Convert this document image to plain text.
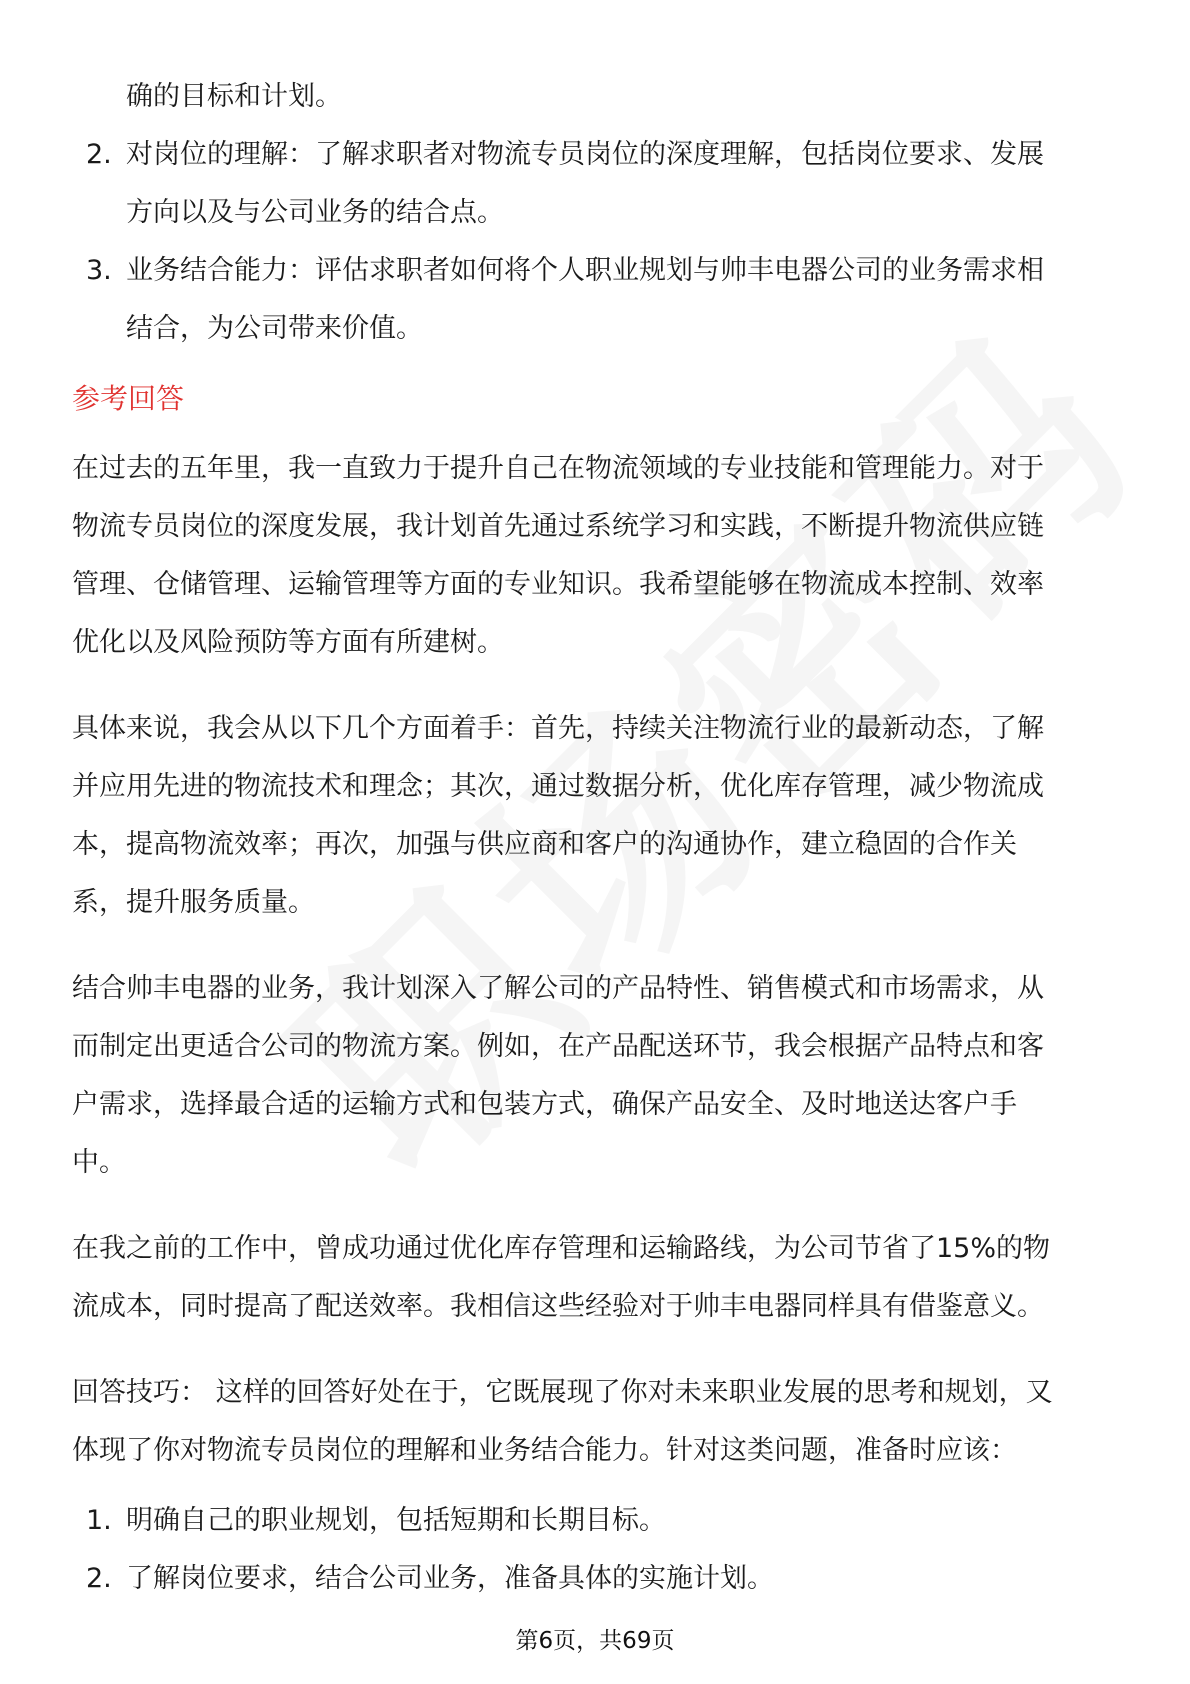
确的目标和计划。

2. 对岗位的理解：了解求职者对物流专员岗位的深度理解，包括岗位要求、发展

方向以及与公司业务的结合点。

3. 业务结合能力：评估求职者如何将个人职业规划与帅丰电器公司的业务需求相

结合，为公司带来价值。

参考回答

在过去的五年里，我一直致力于提升自己在物流领域的专业技能和管理能力。对于

物流专员岗位的深度发展，我计划首先通过系统学习和实践，不断提升物流供应链

管理、仓储管理、运输管理等方面的专业知识。我希望能够在物流成本控制、效率

优化以及风险预防等方面有所建树。

具体来说，我会从以下几个方面着手：首先，持续关注物流行业的最新动态，了解

并应用先进的物流技术和理念；其次，通过数据分析，优化库存管理，减少物流成

本，提高物流效率；再次，加强与供应商和客户的沟通协作，建立稳固的合作关

系，提升服务质量。

结合帅丰电器的业务，我计划深入了解公司的产品特性、销售模式和市场需求，从

而制定出更适合公司的物流方案。例如，在产品配送环节，我会根据产品特点和客

户需求，选择最合适的运输方式和包装方式，确保产品安全、及时地送达客户手

中。

在我之前的工作中，曾成功通过优化库存管理和运输路线，为公司节省了15%的物

流成本，同时提高了配送效率。我相信这些经验对于帅丰电器同样具有借鉴意义。

回答技巧： 这样的回答好处在于，它既展现了你对未来职业发展的思考和规划，又

体现了你对物流专员岗位的理解和业务结合能力。针对这类问题，准备时应该：

1. 明确自己的职业规划，包括短期和长期目标。

2. 了解岗位要求，结合公司业务，准备具体的实施计划。

第6页，共69页
